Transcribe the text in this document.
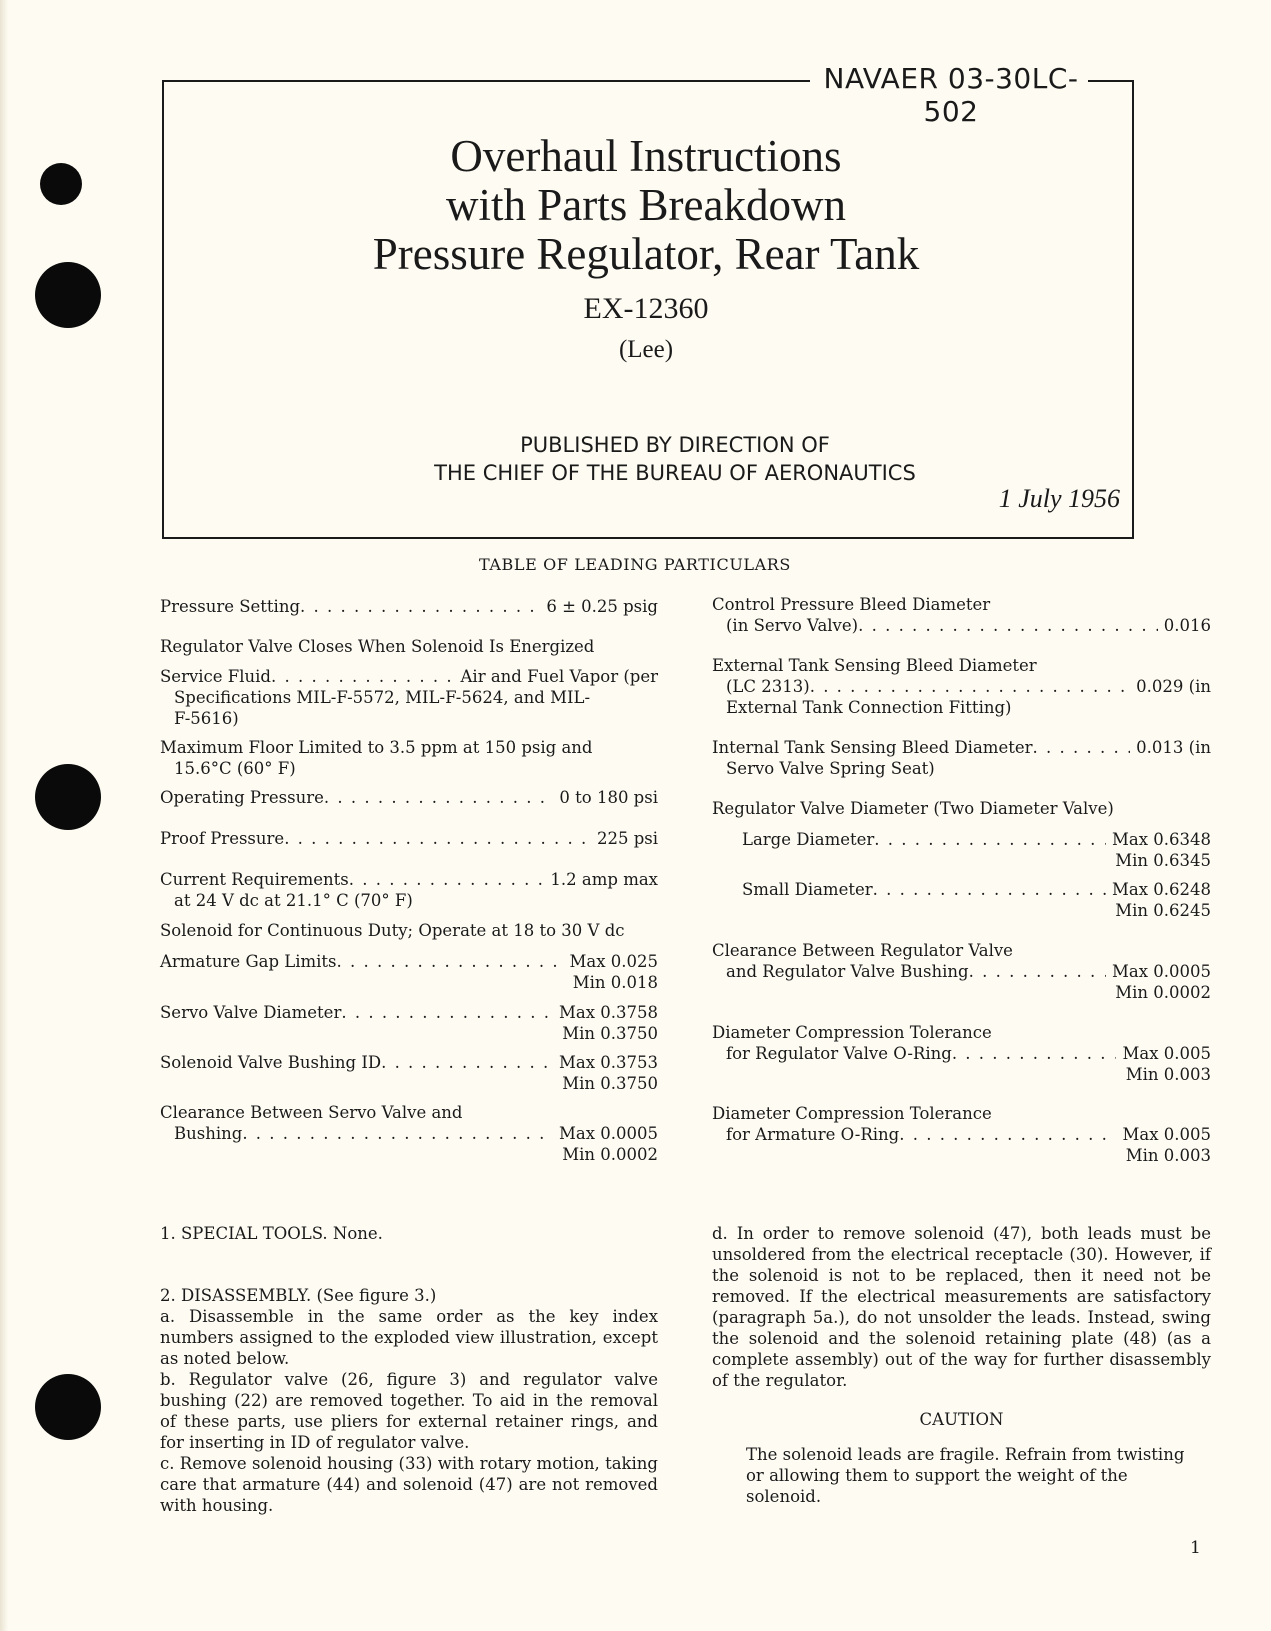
NAVAER 03-30LC-502
Overhaul Instructions
with Parts Breakdown
Pressure Regulator, Rear Tank
EX-12360
(Lee)
PUBLISHED BY DIRECTION OF
THE CHIEF OF THE BUREAU OF AERONAUTICS
1 July 1956
TABLE OF LEADING PARTICULARS
Pressure Setting . . .	6 ± 0.25 psig
Regulator Valve Closes When Solenoid Is Energized
Service Fluid . . .	Air and Fuel Vapor (per
Specifications MIL-F-5572, MIL-F-5624, and MIL-
F-5616)
Maximum Floor Limited to 3.5 ppm at 150 psig and
15.6°C (60° F)
Operating Pressure . . .	0 to 180 psi
Proof Pressure . . .	225 psi
Current Requirements . . .	1.2 amp max
at 24 V dc at 21.1° C (70° F)
Solenoid for Continuous Duty; Operate at 18 to 30 V dc
Armature Gap Limits . . .	Max 0.025
Min 0.018
Servo Valve Diameter . . .	Max 0.3758
Min 0.3750
Solenoid Valve Bushing ID . . .	Max 0.3753
Min 0.3750
Clearance Between Servo Valve and
Bushing . . .	Max 0.0005
Min 0.0002
Control Pressure Bleed Diameter
(in Servo Valve) . . .	0.016
External Tank Sensing Bleed Diameter
(LC 2313) . . .	0.029 (in
External Tank Connection Fitting)
Internal Tank Sensing Bleed Diameter . . .	0.013 (in
Servo Valve Spring Seat)
Regulator Valve Diameter (Two Diameter Valve)
Large Diameter . . .	Max 0.6348
Min 0.6345
Small Diameter . . .	Max 0.6248
Min 0.6245
Clearance Between Regulator Valve
and Regulator Valve Bushing . . .	Max 0.0005
Min 0.0002
Diameter Compression Tolerance
for Regulator Valve O-Ring . . .	Max 0.005
Min 0.003
Diameter Compression Tolerance
for Armature O-Ring . . .	Max 0.005
Min 0.003

1. SPECIAL TOOLS. None.

2. DISASSEMBLY. (See figure 3.)

a. Disassemble in the same order as the key index numbers assigned to the exploded view illustration, except as noted below.

b. Regulator valve (26, figure 3) and regulator valve bushing (22) are removed together. To aid in the removal of these parts, use pliers for external retainer rings, and for inserting in ID of regulator valve.

c. Remove solenoid housing (33) with rotary motion, taking care that armature (44) and solenoid (47) are not removed with housing.

d. In order to remove solenoid (47), both leads must be unsoldered from the electrical receptacle (30). However, if the solenoid is not to be replaced, then it need not be removed. If the electrical measurements are satisfactory (paragraph 5a.), do not unsolder the leads. Instead, swing the solenoid and the solenoid retaining plate (48) (as a complete assembly) out of the way for further disassembly of the regulator.

CAUTION

The solenoid leads are fragile. Refrain from twisting or allowing them to support the weight of the solenoid.

1
